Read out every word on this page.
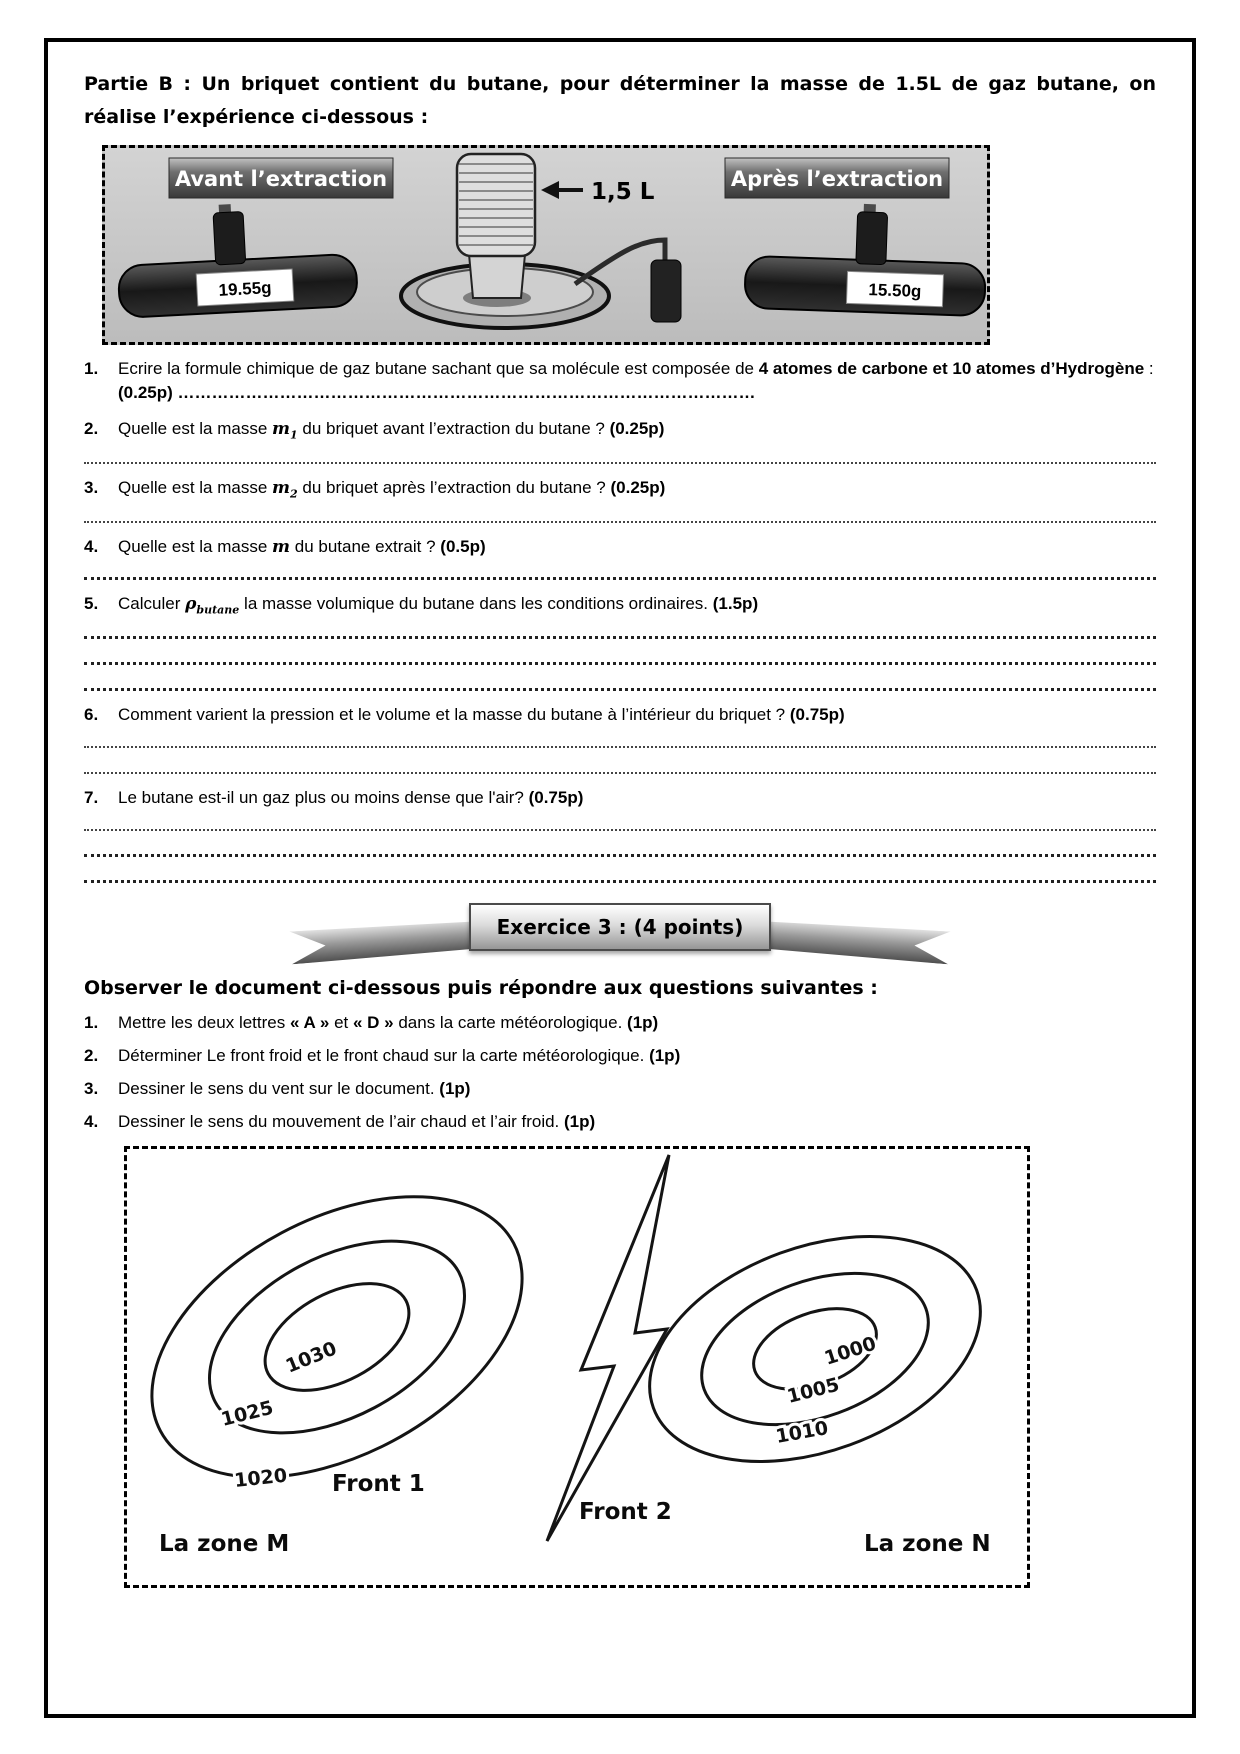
Partie B : Un briquet contient du butane, pour déterminer la masse de 1.5L de gaz butane, on réalise l’expérience ci-dessous :

Avant l’extraction	Après l’extraction
19.55g
1,5 L
15.50g
1.	Ecrire la formule chimique de gaz butane sachant que sa molécule est composée de 4 atomes de carbone et 10 atomes d’Hydrogène : (0.25p) …………………………………………………………………………………………
2.	Quelle est la masse $m_1$ du briquet avant l’extraction du butane ? (0.25p)
3.	Quelle est la masse $m_2$ du briquet après l’extraction du butane ? (0.25p)
4.	Quelle est la masse m du butane extrait ? (0.5p)
5.	Calculer $\rho_{butane}$ la masse volumique du butane dans les conditions ordinaires. (1.5p)
6.	Comment varient la pression et le volume et la masse du butane à l’intérieur du briquet ? (0.75p)
7.	Le butane est-il un gaz plus ou moins dense que l'air? (0.75p)
Exercice 3 : (4 points)

Observer le document ci-dessous puis répondre aux questions suivantes :

1.	Mettre les deux lettres « A » et « D » dans la carte météorologique. (1p)
2.	Déterminer Le front froid et le front chaud sur la carte météorologique. (1p)
3.	Dessiner le sens du vent sur le document. (1p)
4.	Dessiner le sens du mouvement de l’air chaud et l’air froid. (1p)
1030
1025
1020
1000
1005
1010
Front 1
Front 2
La zone M	La zone N
